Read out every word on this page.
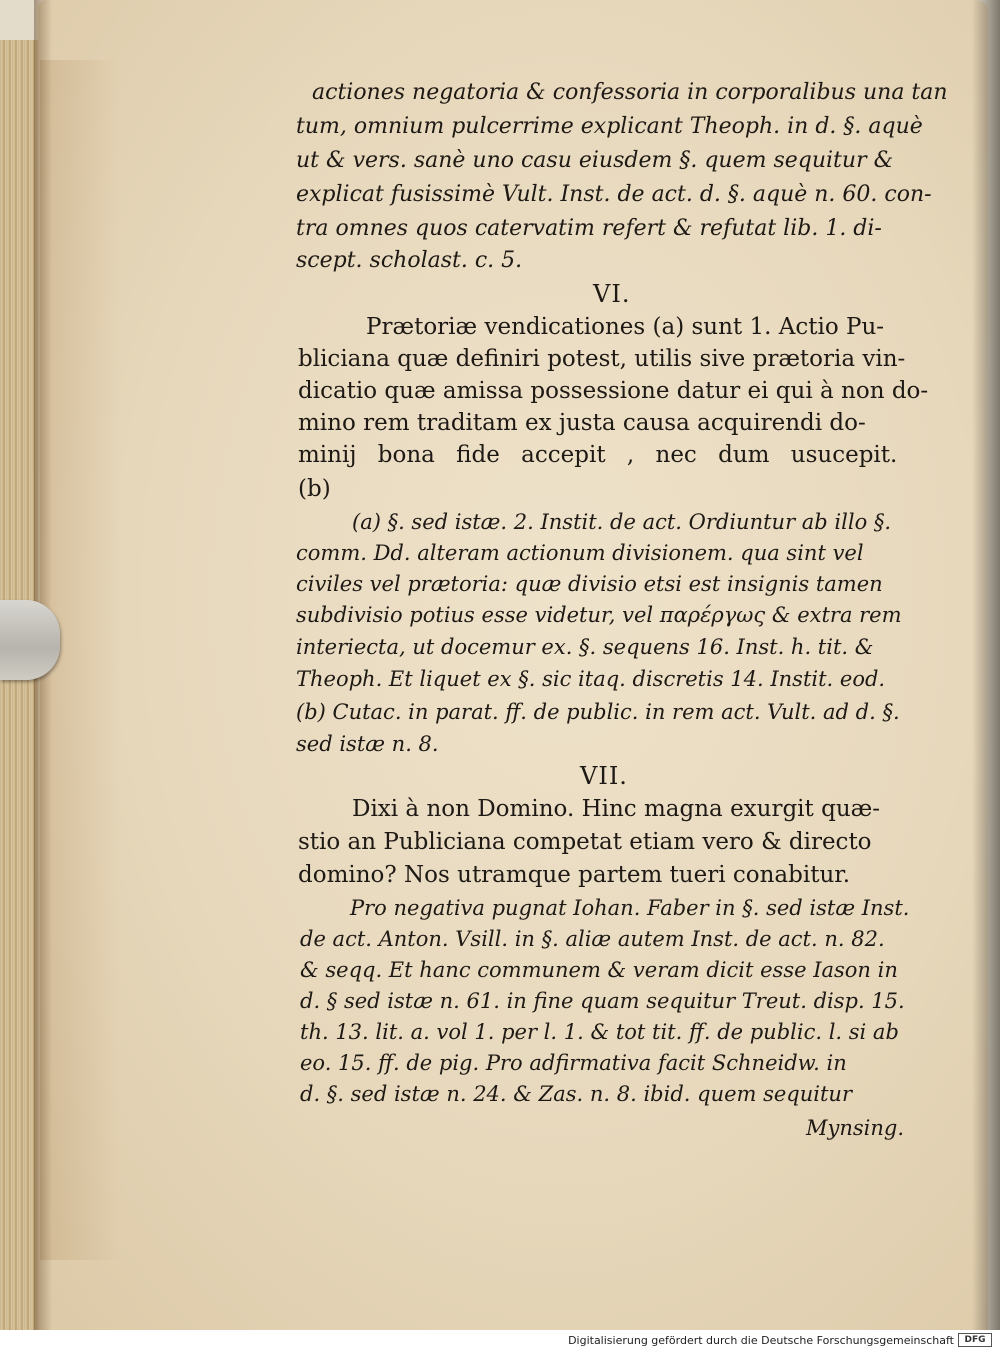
actiones negatoria & confessoria in corporalibus una tan
tum, omnium pulcerrime explicant Theoph. in d. §. aquè
ut & vers. sanè uno casu eiusdem §. quem sequitur &
explicat fusissimè Vult. Inst. de act. d. §. aquè n. 60. con-
tra omnes quos catervatim refert & refutat lib. 1. di-
scept. scholast. c. 5.
VI.
Prætoriæ vendicationes (a) sunt 1. Actio Pu-
bliciana quæ definiri potest, utilis sive prætoria vin-
dicatio quæ amissa possessione datur ei qui à non do-
mino rem traditam ex justa causa acquirendi do-
minij bona fide accepit , nec dum usucepit.
(b)
(a) §. sed istæ. 2. Instit. de act. Ordiuntur ab illo §.
comm. Dd. alteram actionum divisionem. qua sint vel
civiles vel prætoria: quæ divisio etsi est insignis tamen
subdivisio potius esse videtur, vel παρέργως & extra rem
interiecta, ut docemur ex. §. sequens 16. Inst. h. tit. &
Theoph. Et liquet ex §. sic itaq. discretis 14. Instit. eod.
(b) Cutac. in parat. ff. de public. in rem act. Vult. ad d. §.
sed istæ n. 8.
VII.
Dixi à non Domino. Hinc magna exurgit quæ-
stio an Publiciana competat etiam vero & directo
domino? Nos utramque partem tueri conabitur.
Pro negativa pugnat Iohan. Faber in §. sed istæ Inst.
de act. Anton. Vsill. in §. aliæ autem Inst. de act. n. 82.
& seqq. Et hanc communem & veram dicit esse Iason in
d. § sed istæ n. 61. in fine quam sequitur Treut. disp. 15.
th. 13. lit. a. vol 1. per l. 1. & tot tit. ff. de public. l. si ab
eo. 15. ff. de pig. Pro adfirmativa facit Schneidw. in
d. §. sed istæ n. 24. & Zas. n. 8. ibid. quem sequitur
Mynsing.
Digitalisierung gefördert durch die Deutsche Forschungsgemeinschaft	DFG
